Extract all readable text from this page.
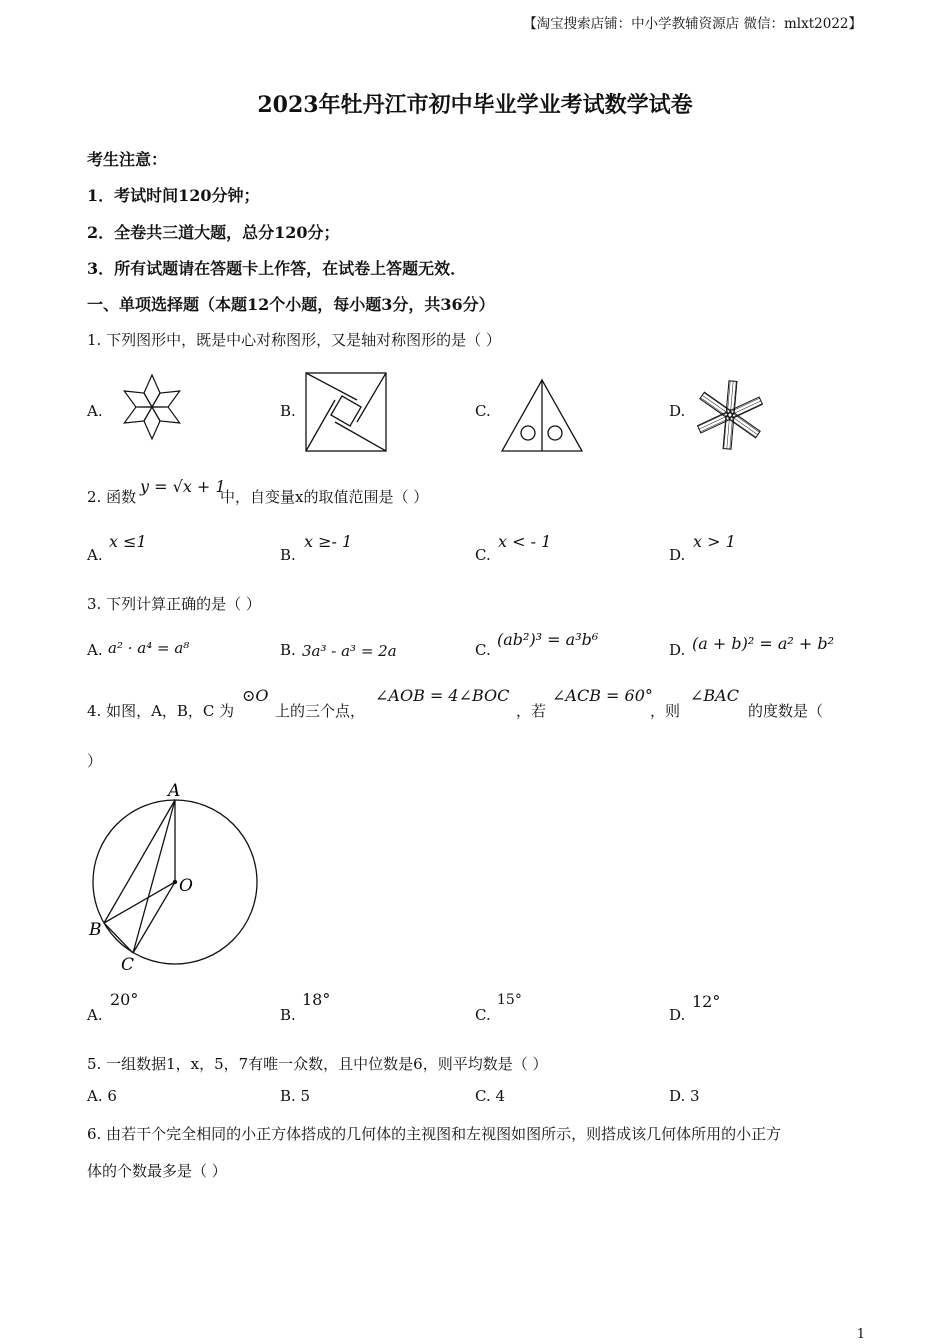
【淘宝搜索店铺：中小学教辅资源店 微信：mlxt2022】
2023年牡丹江市初中毕业学业考试数学试卷
考生注意：
1．考试时间120分钟；
2．全卷共三道大题，总分120分；
3．所有试题请在答题卡上作答，在试卷上答题无效．
一、单项选择题（本题12个小题，每小题3分，共36分）
1. 下列图形中，既是中心对称图形，又是轴对称图形的是（ ）
A.	B.	C.	D.
2. 函数
y = √x + 1
中，自变量x的取值范围是（ ）
A.
x ≤1
B.
x ≥- 1
C.
x < - 1
D.
x > 1
3. 下列计算正确的是（ ）
A. a² · a⁴ = a⁸	B. 3a³ - a³ = 2a	C.
(ab²)³ = a³b⁶
D. (a + b)² = a² + b²
4. 如图，A，B，C 为
⊙O
上的三个点，
∠AOB = 4∠BOC
，若
∠ACB = 60°
，则
∠BAC
的度数是（
）
A
O
B
C
A.
20°
B.
18°
C.
15°
D.
12°
5. 一组数据1，x，5，7有唯一众数，且中位数是6，则平均数是（ ）
A. 6	B. 5	C. 4	D. 3
6. 由若干个完全相同的小正方体搭成的几何体的主视图和左视图如图所示，则搭成该几何体所用的小正方
体的个数最多是（ ）
1
